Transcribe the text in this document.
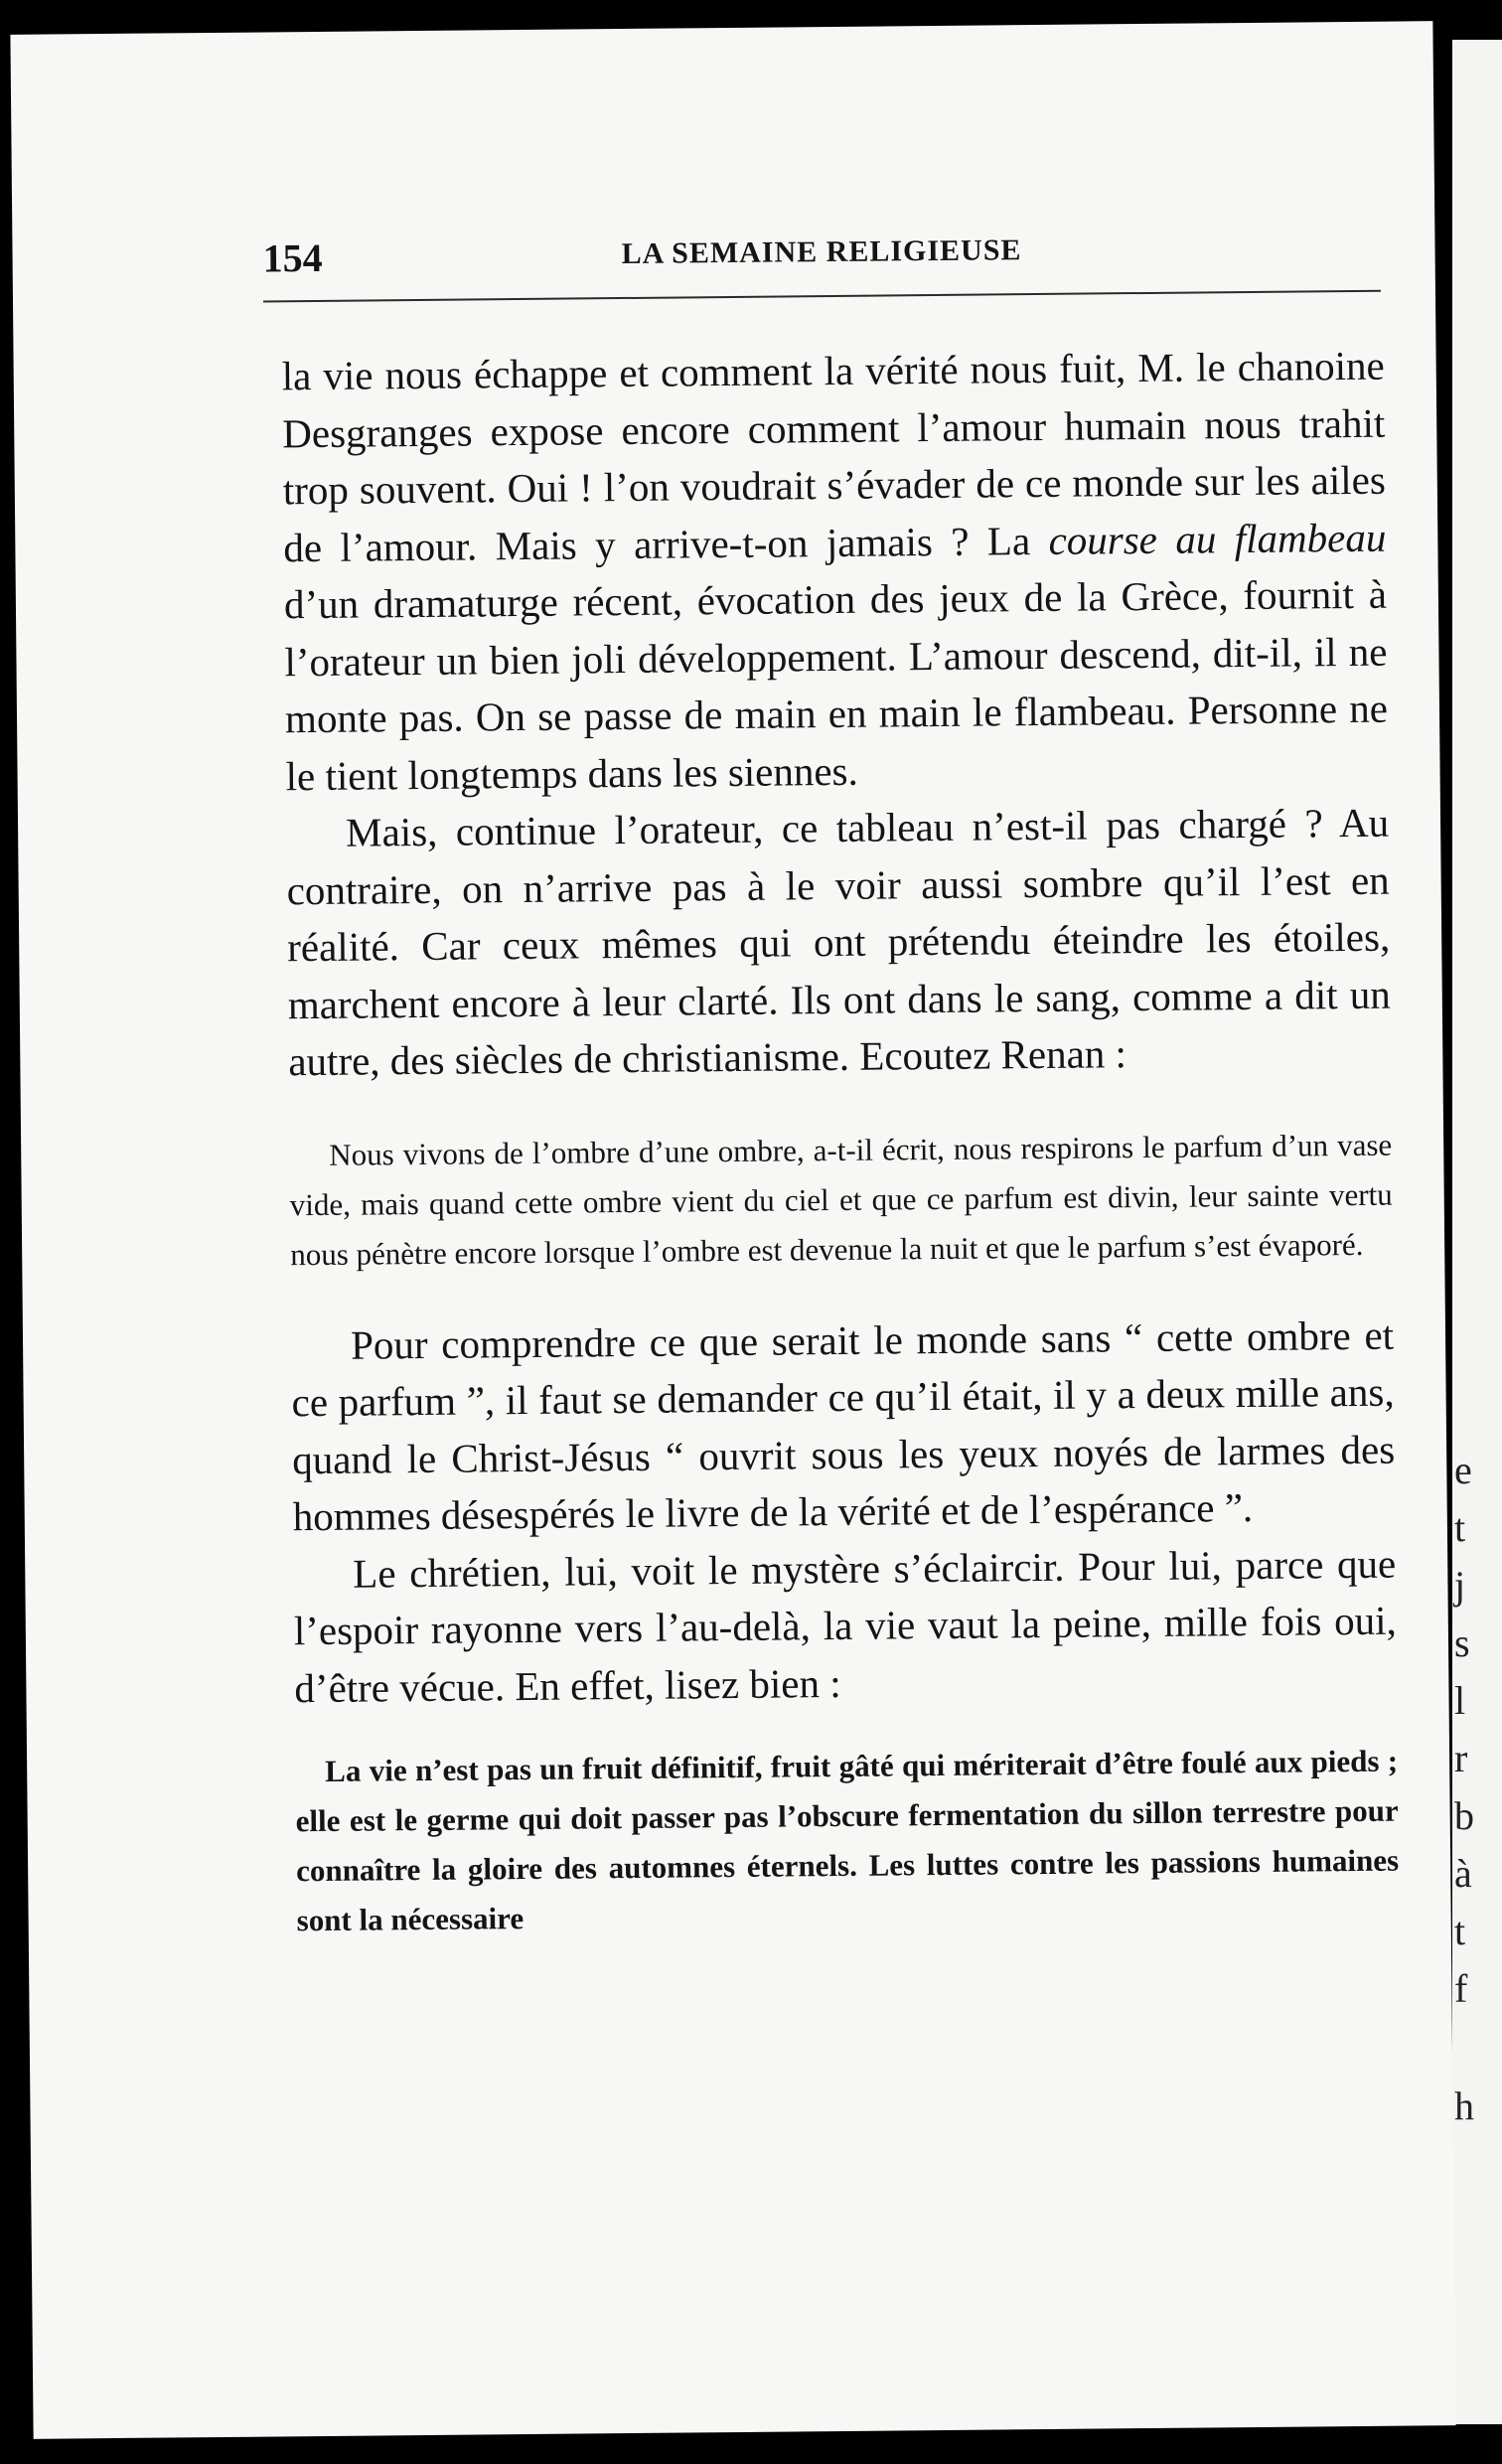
e
t
j
s
l
r
b
à
t
f
h
154	LA SEMAINE RELIGIEUSE

la vie nous échappe et comment la vérité nous fuit, M. le chanoine Desgranges expose encore comment l’amour humain nous trahit trop souvent. Oui ! l’on voudrait s’évader de ce monde sur les ailes de l’amour. Mais y arrive-t-on jamais ? La course au flambeau d’un dramaturge récent, évocation des jeux de la Grèce, fournit à l’orateur un bien joli développement. L’amour descend, dit-il, il ne monte pas. On se passe de main en main le flambeau. Personne ne le tient longtemps dans les siennes.

Mais, continue l’orateur, ce tableau n’est-il pas chargé ? Au contraire, on n’arrive pas à le voir aussi sombre qu’il l’est en réalité. Car ceux mêmes qui ont prétendu éteindre les étoiles, marchent encore à leur clarté. Ils ont dans le sang, comme a dit un autre, des siècles de christianisme. Ecoutez Renan :

Nous vivons de l’ombre d’une ombre, a-t-il écrit, nous respirons le parfum d’un vase vide, mais quand cette ombre vient du ciel et que ce parfum est divin, leur sainte vertu nous pénètre encore lorsque l’ombre est devenue la nuit et que le parfum s’est évaporé.

Pour comprendre ce que serait le monde sans “ cette ombre et ce parfum ”, il faut se demander ce qu’il était, il y a deux mille ans, quand le Christ-Jésus “ ouvrit sous les yeux noyés de larmes des hommes désespérés le livre de la vérité et de l’espérance ”.

Le chrétien, lui, voit le mystère s’éclaircir. Pour lui, parce que l’espoir rayonne vers l’au-delà, la vie vaut la peine, mille fois oui, d’être vécue. En effet, lisez bien :

La vie n’est pas un fruit définitif, fruit gâté qui mériterait d’être foulé aux pieds ; elle est le germe qui doit passer pas l’obscure fermentation du sillon terrestre pour connaître la gloire des automnes éternels. Les luttes contre les passions humaines sont la nécessaire
